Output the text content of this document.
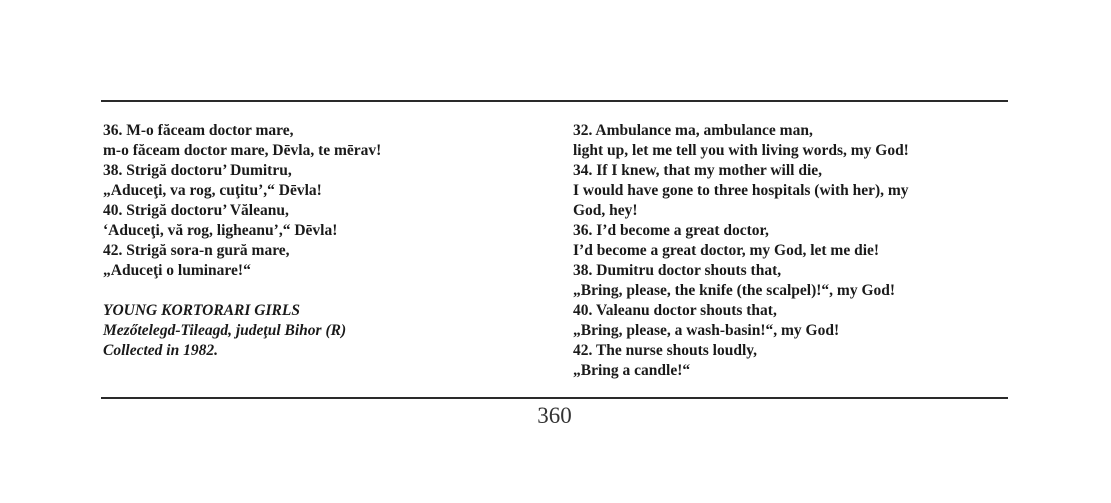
36. M-o făceam doctor mare,
m-o făceam doctor mare, Dēvla, te mērav!
38. Strigă doctoru’ Dumitru,
„Aduceţi, va rog, cuţitu’,“ Dēvla!
40. Strigă doctoru’ Văleanu,
‘Aduceţi, vă rog, ligheanu’,“ Dēvla!
42. Strigă sora-n gură mare,
„Aduceţi o luminare!“
YOUNG KORTORARI GIRLS
Mezőtelegd-Tileagd, judeţul Bihor (R)
Collected in 1982.
32. Ambulance ma, ambulance man,
light up, let me tell you with living words, my God!
34. If I knew, that my mother will die,
I would have gone to three hospitals (with her), my
God, hey!
36. I’d become a great doctor,
I’d become a great doctor, my God, let me die!
38. Dumitru doctor shouts that,
„Bring, please, the knife (the scalpel)!“, my God!
40. Valeanu doctor shouts that,
„Bring, please, a wash-basin!“, my God!
42. The nurse shouts loudly,
„Bring a candle!“
360
